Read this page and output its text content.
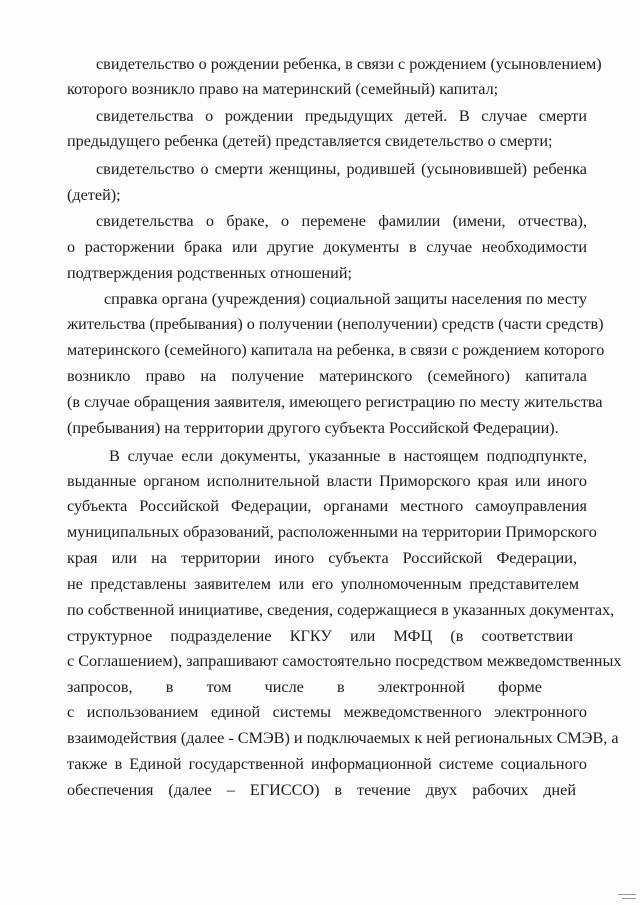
свидетельство о рождении ребенка, в связи с рождением (усыновлением)
которого возникло право на материнский (семейный) капитал;
свидетельства о рождении предыдущих детей. В случае смерти
предыдущего ребенка (детей) представляется свидетельство о смерти;
свидетельство о смерти женщины, родившей (усыновившей) ребенка
(детей);
свидетельства о браке, о перемене фамилии (имени, отчества),
о расторжении брака или другие документы в случае необходимости
подтверждения родственных отношений;
справка органа (учреждения) социальной защиты населения по месту
жительства (пребывания) о получении (неполучении) средств (части средств)
материнского (семейного) капитала на ребенка, в связи с рождением которого
возникло право на получение материнского (семейного) капитала
(в случае обращения заявителя, имеющего регистрацию по месту жительства
(пребывания) на территории другого субъекта Российской Федерации).
В случае если документы, указанные в настоящем подподпункте,
выданные органом исполнительной власти Приморского края или иного
субъекта Российской Федерации, органами местного самоуправления
муниципальных образований, расположенными на территории Приморского
края или на территории иного субъекта Российской Федерации,
не представлены заявителем или его уполномоченным представителем
по собственной инициативе, сведения, содержащиеся в указанных документах,
структурное подразделение КГКУ или МФЦ (в соответствии
с Соглашением), запрашивают самостоятельно посредством межведомственных
запросов, в том числе в электронной форме
с использованием единой системы межведомственного электронного
взаимодействия (далее - СМЭВ) и подключаемых к ней региональных СМЭВ, а
также в Единой государственной информационной системе социального
обеспечения (далее – ЕГИССО) в течение двух рабочих дней
